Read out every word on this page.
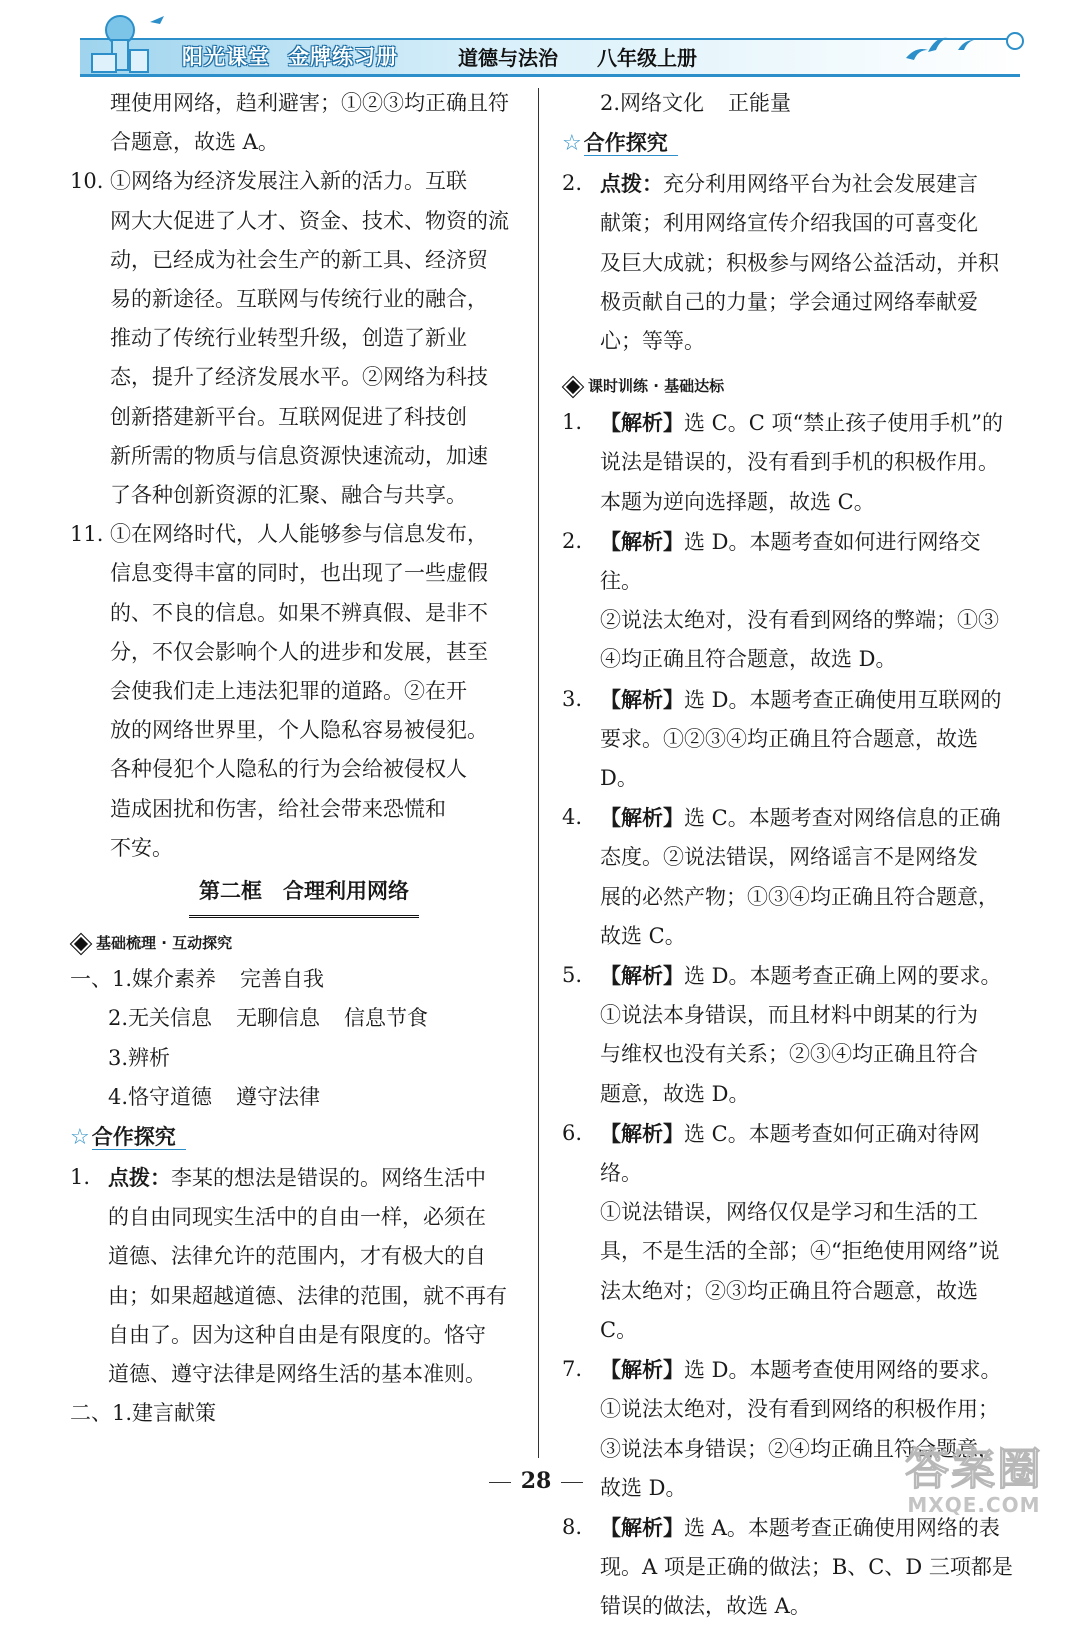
阳光课堂 金牌练习册	道德与法治 八年级上册

理使用网络，趋利避害；①②③均正确且符
合题意，故选 A。

10. ①网络为经济发展注入新的活力。互联
网大大促进了人才、资金、技术、物资的流
动，已经成为社会生产的新工具、经济贸
易的新途径。互联网与传统行业的融合，
推动了传统行业转型升级，创造了新业
态，提升了经济发展水平。②网络为科技
创新搭建新平台。互联网促进了科技创
新所需的物质与信息资源快速流动，加速
了各种创新资源的汇聚、融合与共享。
11. ①在网络时代，人人能够参与信息发布，
信息变得丰富的同时，也出现了一些虚假
的、不良的信息。如果不辨真假、是非不
分，不仅会影响个人的进步和发展，甚至
会使我们走上违法犯罪的道路。②在开
放的网络世界里，个人隐私容易被侵犯。
各种侵犯个人隐私的行为会给被侵权人
造成困扰和伤害，给社会带来恐慌和
不安。
第二框　合理利用网络
基础梳理 · 互动探究
一、1.媒介素养 完善自我
2.无关信息 无聊信息 信息节食
3.辨析
4.恪守道德 遵守法律
☆合作探究
1. 点拨：李某的想法是错误的。网络生活中
的自由同现实生活中的自由一样，必须在
道德、法律允许的范围内，才有极大的自
由；如果超越道德、法律的范围，就不再有
自由了。因为这种自由是有限度的。恪守
道德、遵守法律是网络生活的基本准则。
二、1.建言献策
2.网络文化 正能量
☆合作探究
2. 点拨：充分利用网络平台为社会发展建言
献策；利用网络宣传介绍我国的可喜变化
及巨大成就；积极参与网络公益活动，并积
极贡献自己的力量；学会通过网络奉献爱
心；等等。
课时训练 · 基础达标
1. 【解析】选 C。C 项“禁止孩子使用手机”的
说法是错误的，没有看到手机的积极作用。
本题为逆向选择题，故选 C。
2. 【解析】选 D。本题考查如何进行网络交往。
②说法太绝对，没有看到网络的弊端；①③
④均正确且符合题意，故选 D。
3. 【解析】选 D。本题考查正确使用互联网的
要求。①②③④均正确且符合题意，故选 D。
4. 【解析】选 C。本题考查对网络信息的正确
态度。②说法错误，网络谣言不是网络发
展的必然产物；①③④均正确且符合题意，
故选 C。
5. 【解析】选 D。本题考查正确上网的要求。
①说法本身错误，而且材料中朗某的行为
与维权也没有关系；②③④均正确且符合
题意，故选 D。
6. 【解析】选 C。本题考查如何正确对待网络。
①说法错误，网络仅仅是学习和生活的工
具，不是生活的全部；④“拒绝使用网络”说
法太绝对；②③均正确且符合题意，故选 C。
7. 【解析】选 D。本题考查使用网络的要求。
①说法太绝对，没有看到网络的积极作用；
③说法本身错误；②④均正确且符合题意，
故选 D。
8. 【解析】选 A。本题考查正确使用网络的表
现。A 项是正确的做法；B、C、D 三项都是
错误的做法，故选 A。
28	答案圈
MXQE.COM
